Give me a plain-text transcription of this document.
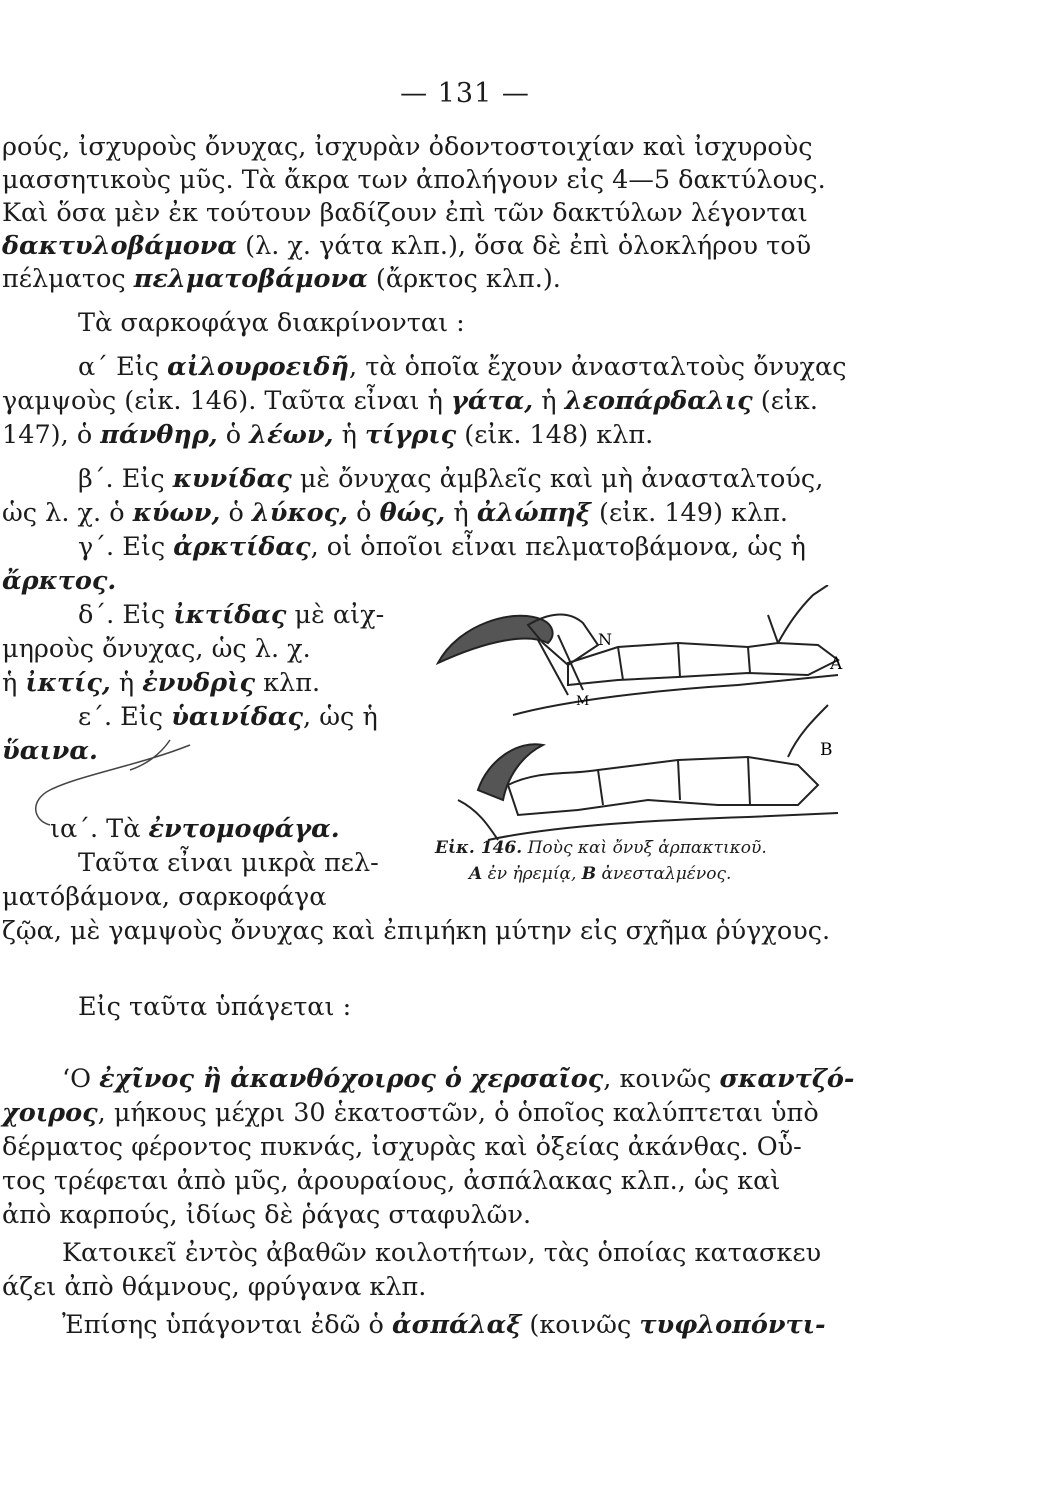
— 131 —
ρούς, ἰσχυροὺς ὄνυχας, ἰσχυρὰν ὀδοντοστοιχίαν καὶ ἰσχυροὺς
μασσητικοὺς μῦς. Τὰ ἄκρα των ἀπολήγουν εἰς 4—5 δακτύλους.
Καὶ ὅσα μὲν ἐκ τούτουν βαδίζουν ἐπὶ τῶν δακτύλων λέγονται
δακτυλοβάμονα (λ. χ. γάτα κλπ.), ὅσα δὲ ἐπὶ ὁλοκλήρου τοῦ
πέλματος πελματοβάμονα (ἄρκτος κλπ.).
Τὰ σαρκοφάγα διακρίνονται :
α΄ Εἰς αἰλουροειδῆ, τὰ ὁποῖα ἔχουν ἀνασταλτοὺς ὄνυχας
γαμψοὺς (εἰκ. 146). Ταῦτα εἶναι ἡ γάτα, ἡ λεοπάρδαλις (εἰκ.
147), ὁ πάνθηρ, ὁ λέων, ἡ τίγρις (εἰκ. 148) κλπ.
β΄. Εἰς κυνίδας μὲ ὄνυχας ἀμβλεῖς καὶ μὴ ἀνασταλτούς,
ὡς λ. χ. ὁ κύων, ὁ λύκος, ὁ θώς, ἡ ἀλώπηξ (εἰκ. 149) κλπ.
γ΄. Εἰς ἀρκτίδας, οἱ ὁποῖοι εἶναι πελματοβάμονα, ὡς ἡ
ἄρκτος.
δ΄. Εἰς ἰκτίδας μὲ αἰχ-
μηροὺς ὄνυχας, ὡς λ. χ.
ἡ ἰκτίς, ἡ ἐνυδρὶς κλπ.
ε΄. Εἰς ὑαινίδας, ὡς ἡ
ὕαινα.
ια΄. Τὰ ἐντομοφάγα.
Ταῦτα εἶναι μικρὰ πελ-
ματόβάμονα, σαρκοφάγα
ζῷα, μὲ γαμψοὺς ὄνυχας καὶ ἐπιμήκη μύτην εἰς σχῆμα ῥύγχους.
Εἰς ταῦτα ὑπάγεται :
‘Ο ἐχῖνος ἢ ἀκανθόχοιρος ὁ χερσαῖος, κοινῶς σκαντζό-
χοιρος, μήκους μέχρι 30 ἑκατοστῶν, ὁ ὁποῖος καλύπτεται ὑπὸ
δέρματος φέροντος πυκνάς, ἰσχυρὰς καὶ ὀξείας ἀκάνθας. Οὗ-
τος τρέφεται ἀπὸ μῦς, ἀρουραίους, ἀσπάλακας κλπ., ὡς καὶ
ἀπὸ καρπούς, ἰδίως δὲ ῥάγας σταφυλῶν.
Κατοικεῖ ἐντὸς ἀβαθῶν κοιλοτήτων, τὰς ὁποίας κατασκευ
άζει ἀπὸ θάμνους, φρύγανα κλπ.
Ἐπίσης ὑπάγονται ἐδῶ ὁ ἀσπάλαξ (κοινῶς τυφλοπόντι-
N
M
A
B
Εἰκ. 146. Ποὺς καὶ ὄνυξ ἁρπακτικοῦ.
A ἐν ἠρεμίᾳ, B ἀνεσταλμένος.
